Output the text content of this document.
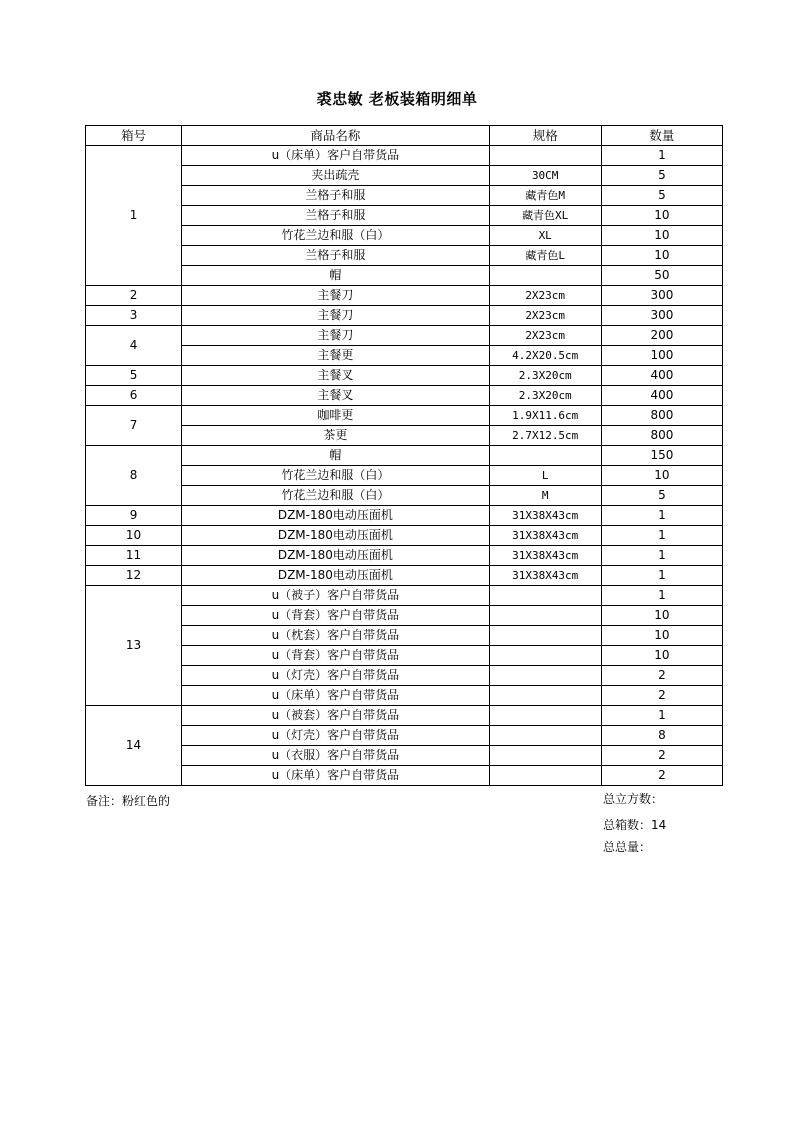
裘忠敏 老板装箱明细单
箱号	商品名称	规格	数量
1	u（床单）客户自带货品		1
	夹出疏壳	30CM	5
	兰格子和服	藏青色M	5
	兰格子和服	藏青色XL	10
	竹花兰边和服（白）	XL	10
	兰格子和服	藏青色L	10
	帽		50
2	主餐刀	2X23cm	300
3	主餐刀	2X23cm	300
4	主餐刀	2X23cm	200
	主餐更	4.2X20.5cm	100
5	主餐叉	2.3X20cm	400
6	主餐叉	2.3X20cm	400
7	咖啡更	1.9X11.6cm	800
	茶更	2.7X12.5cm	800
8	帽		150
	竹花兰边和服（白）	L	10
	竹花兰边和服（白）	M	5
9	DZM-180电动压面机	31X38X43cm	1
10	DZM-180电动压面机	31X38X43cm	1
11	DZM-180电动压面机	31X38X43cm	1
12	DZM-180电动压面机	31X38X43cm	1
13	u（被子）客户自带货品		1
	u（背套）客户自带货品		10
	u（枕套）客户自带货品		10
	u（背套）客户自带货品		10
	u（灯壳）客户自带货品		2
	u（床单）客户自带货品		2
14	u（被套）客户自带货品		1
	u（灯壳）客户自带货品		8
	u（衣服）客户自带货品		2
	u（床单）客户自带货品		2
备注：粉红色的	总立方数：
总箱数：14
总总量：
